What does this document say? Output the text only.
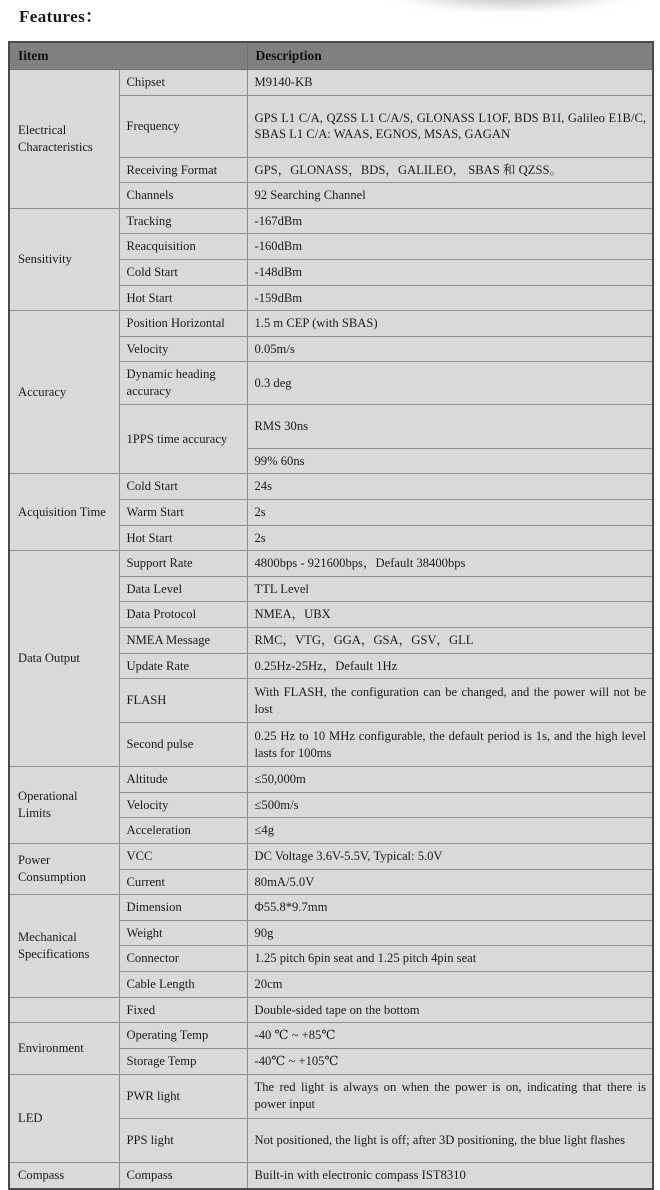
Features：
Iitem		Description
Electrical Characteristics	Chipset	M9140-KB
	Frequency	GPS L1 C/A, QZSS L1 C/A/S, GLONASS L1OF, BDS B1I, Galileo E1B/C, SBAS L1 C/A: WAAS, EGNOS, MSAS, GAGAN
	Receiving Format	GPS，GLONASS，BDS，GALILEO， SBAS 和 QZSS。
	Channels	92 Searching Channel
Sensitivity	Tracking	-167dBm
	Reacquisition	-160dBm
	Cold Start	-148dBm
	Hot Start	-159dBm
Accuracy	Position Horizontal	1.5 m CEP (with SBAS)
	Velocity	0.05m/s
	Dynamic heading accuracy	0.3 deg
	1PPS time accuracy	RMS 30ns
		99% 60ns
Acquisition Time	Cold Start	24s
	Warm Start	2s
	Hot Start	2s
Data Output	Support Rate	4800bps - 921600bps，Default 38400bps
	Data Level	TTL Level
	Data Protocol	NMEA，UBX
	NMEA Message	RMC，VTG，GGA，GSA，GSV，GLL
	Update Rate	0.25Hz-25Hz，Default 1Hz
	FLASH	With FLASH, the configuration can be changed, and the power will not be lost
	Second pulse	0.25 Hz to 10 MHz configurable, the default period is 1s, and the high level lasts for 100ms
Operational Limits	Altitude	≤50,000m
	Velocity	≤500m/s
	Acceleration	≤4g
Power Consumption	VCC	DC Voltage 3.6V-5.5V, Typical: 5.0V
	Current	80mA/5.0V
Mechanical Specifications	Dimension	Φ55.8*9.7mm
	Weight	90g
	Connector	1.25 pitch 6pin seat and 1.25 pitch 4pin seat
	Cable Length	20cm
	Fixed	Double-sided tape on the bottom
Environment	Operating Temp	-40 ℃ ~ +85℃
	Storage Temp	-40℃ ~ +105℃
LED	PWR light	The red light is always on when the power is on, indicating that there is power input
	PPS light	Not positioned, the light is off; after 3D positioning, the blue light flashes
Compass	Compass	Built-in with electronic compass IST8310
